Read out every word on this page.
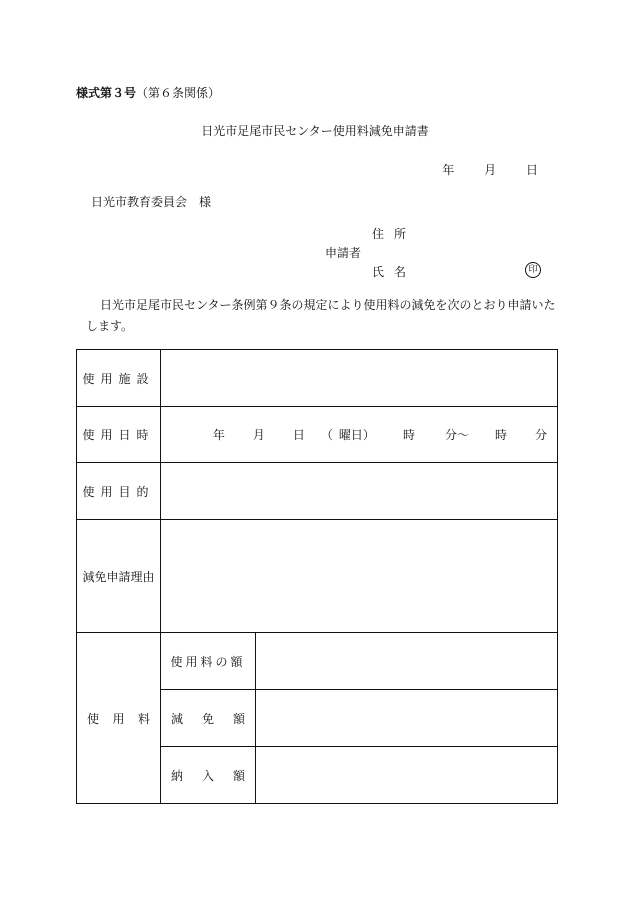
様式第３号（第６条関係）
日光市足尾市民センター使用料減免申請書
年 月 日
日光市教育委員会　様
住所
申請者
氏名	印
日光市足尾市民センター条例第９条の規定により使用料の減免を次のとおり申請いたします。
使用施設		
使用日時	年 月 日 （ 曜日） 時 分～ 時 分	
使用目的		
減免申請理由		

使 用 料	使用料の額	

	減 免 額	

	納 入 額	
